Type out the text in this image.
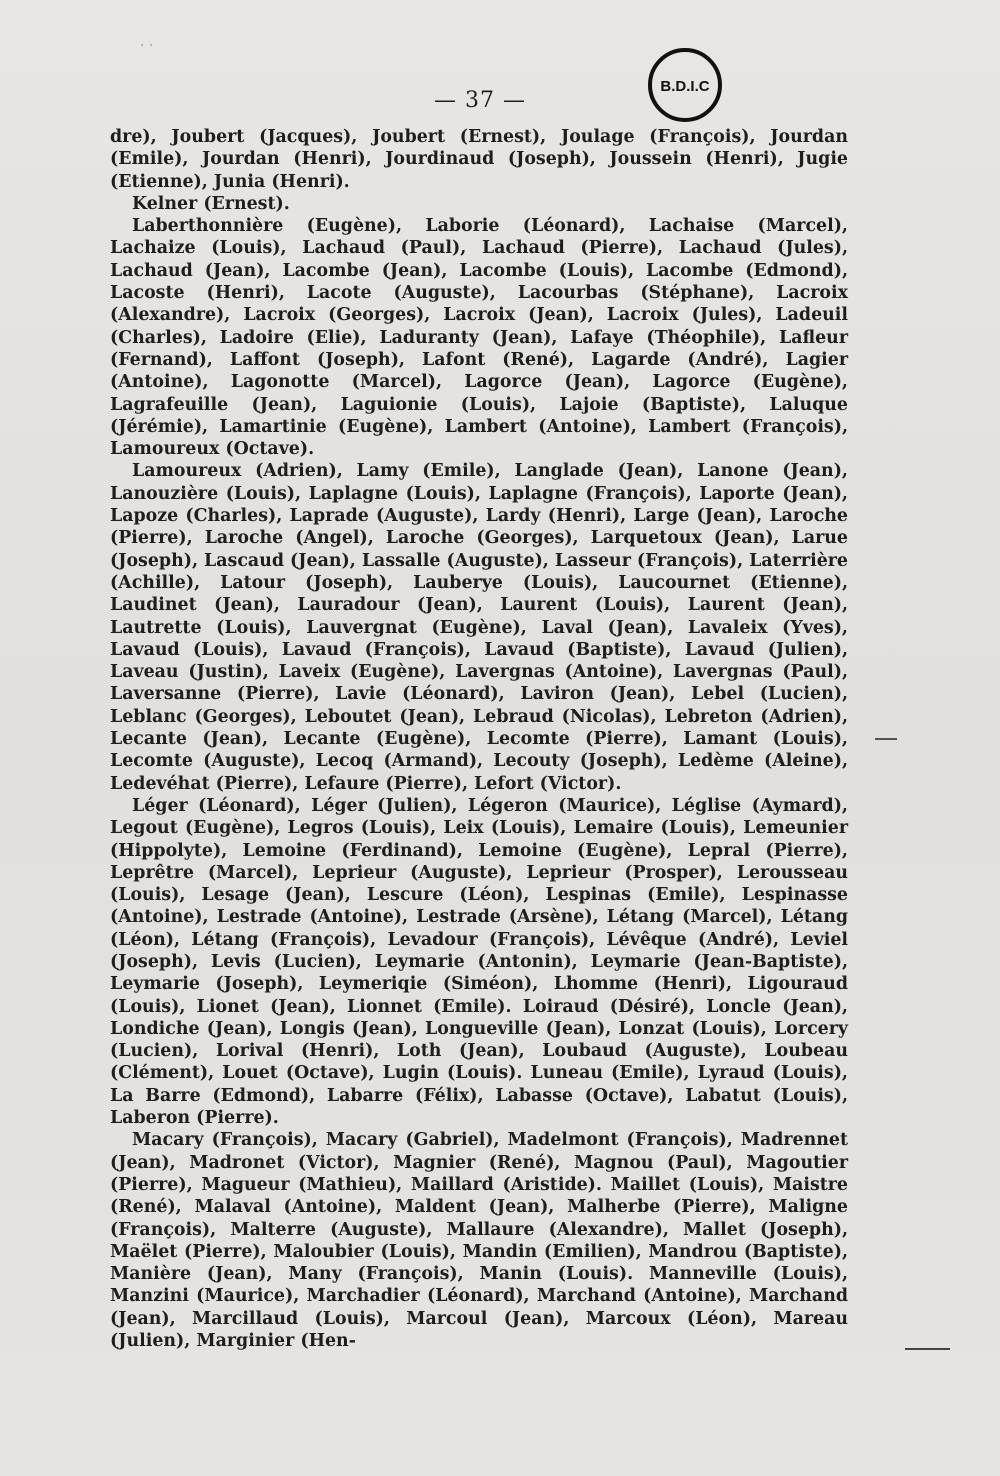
B.D.I.C
— 37 —

dre), Joubert (Jacques), Joubert (Ernest), Joulage (François), Jourdan (Emile), Jourdan (Henri), Jourdinaud (Joseph), Joussein (Henri), Jugie (Etienne), Junia (Henri).

Kelner (Ernest).

Laberthonnière (Eugène), Laborie (Léonard), Lachaise (Marcel), Lachaize (Louis), Lachaud (Paul), Lachaud (Pierre), Lachaud (Jules), Lachaud (Jean), Lacombe (Jean), Lacombe (Louis), Lacombe (Edmond), Lacoste (Henri), Lacote (Auguste), Lacourbas (Stéphane), Lacroix (Alexandre), Lacroix (Georges), Lacroix (Jean), Lacroix (Jules), Ladeuil (Charles), Ladoire (Elie), Laduranty (Jean), Lafaye (Théophile), Lafleur (Fernand), Laffont (Joseph), Lafont (René), Lagarde (André), Lagier (Antoine), Lagonotte (Marcel), Lagorce (Jean), Lagorce (Eugène), Lagrafeuille (Jean), Laguionie (Louis), Lajoie (Baptiste), Laluque (Jérémie), Lamartinie (Eugène), Lambert (Antoine), Lambert (François), Lamoureux (Octave).

Lamoureux (Adrien), Lamy (Emile), Langlade (Jean), Lanone (Jean), Lanouzière (Louis), Laplagne (Louis), Laplagne (François), Laporte (Jean), Lapoze (Charles), Laprade (Auguste), Lardy (Henri), Large (Jean), Laroche (Pierre), Laroche (Angel), Laroche (Georges), Larquetoux (Jean), Larue (Joseph), Lascaud (Jean), Lassalle (Auguste), Lasseur (François), Laterrière (Achille), Latour (Joseph), Lauberye (Louis), Laucournet (Etienne), Laudinet (Jean), Lauradour (Jean), Laurent (Louis), Laurent (Jean), Lautrette (Louis), Lauvergnat (Eugène), Laval (Jean), Lavaleix (Yves), Lavaud (Louis), Lavaud (François), Lavaud (Baptiste), Lavaud (Julien), Laveau (Justin), Laveix (Eugène), Lavergnas (Antoine), Lavergnas (Paul), Laversanne (Pierre), Lavie (Léonard), Laviron (Jean), Lebel (Lucien), Leblanc (Georges), Leboutet (Jean), Lebraud (Nicolas), Lebreton (Adrien), Lecante (Jean), Lecante (Eugène), Lecomte (Pierre), Lamant (Louis), Lecomte (Auguste), Lecoq (Armand), Lecouty (Joseph), Ledème (Aleine), Ledevéhat (Pierre), Lefaure (Pierre), Lefort (Victor).

Léger (Léonard), Léger (Julien), Légeron (Maurice), Léglise (Aymard), Legout (Eugène), Legros (Louis), Leix (Louis), Lemaire (Louis), Lemeunier (Hippolyte), Lemoine (Ferdinand), Lemoine (Eugène), Lepral (Pierre), Leprêtre (Marcel), Leprieur (Auguste), Leprieur (Prosper), Lerousseau (Louis), Lesage (Jean), Lescure (Léon), Lespinas (Emile), Lespinasse (Antoine), Lestrade (Antoine), Lestrade (Arsène), Létang (Marcel), Létang (Léon), Létang (François), Levadour (François), Lévêque (André), Leviel (Joseph), Levis (Lucien), Leymarie (Antonin), Leymarie (Jean-Baptiste), Leymarie (Joseph), Leymeriqie (Siméon), Lhomme (Henri), Ligouraud (Louis), Lionet (Jean), Lionnet (Emile). Loiraud (Désiré), Loncle (Jean), Londiche (Jean), Longis (Jean), Longueville (Jean), Lonzat (Louis), Lorcery (Lucien), Lorival (Henri), Loth (Jean), Loubaud (Auguste), Loubeau (Clément), Louet (Octave), Lugin (Louis). Luneau (Emile), Lyraud (Louis), La Barre (Edmond), Labarre (Félix), Labasse (Octave), Labatut (Louis), Laberon (Pierre).

Macary (François), Macary (Gabriel), Madelmont (François), Madrennet (Jean), Madronet (Victor), Magnier (René), Magnou (Paul), Magoutier (Pierre), Magueur (Mathieu), Maillard (Aristide). Maillet (Louis), Maistre (René), Malaval (Antoine), Maldent (Jean), Malherbe (Pierre), Maligne (François), Malterre (Auguste), Mallaure (Alexandre), Mallet (Joseph), Maëlet (Pierre), Maloubier (Louis), Mandin (Emilien), Mandrou (Baptiste), Manière (Jean), Many (François), Manin (Louis). Manneville (Louis), Manzini (Maurice), Marchadier (Léonard), Marchand (Antoine), Marchand (Jean), Marcillaud (Louis), Marcoul (Jean), Marcoux (Léon), Mareau (Julien), Marginier (Hen-

· ·
